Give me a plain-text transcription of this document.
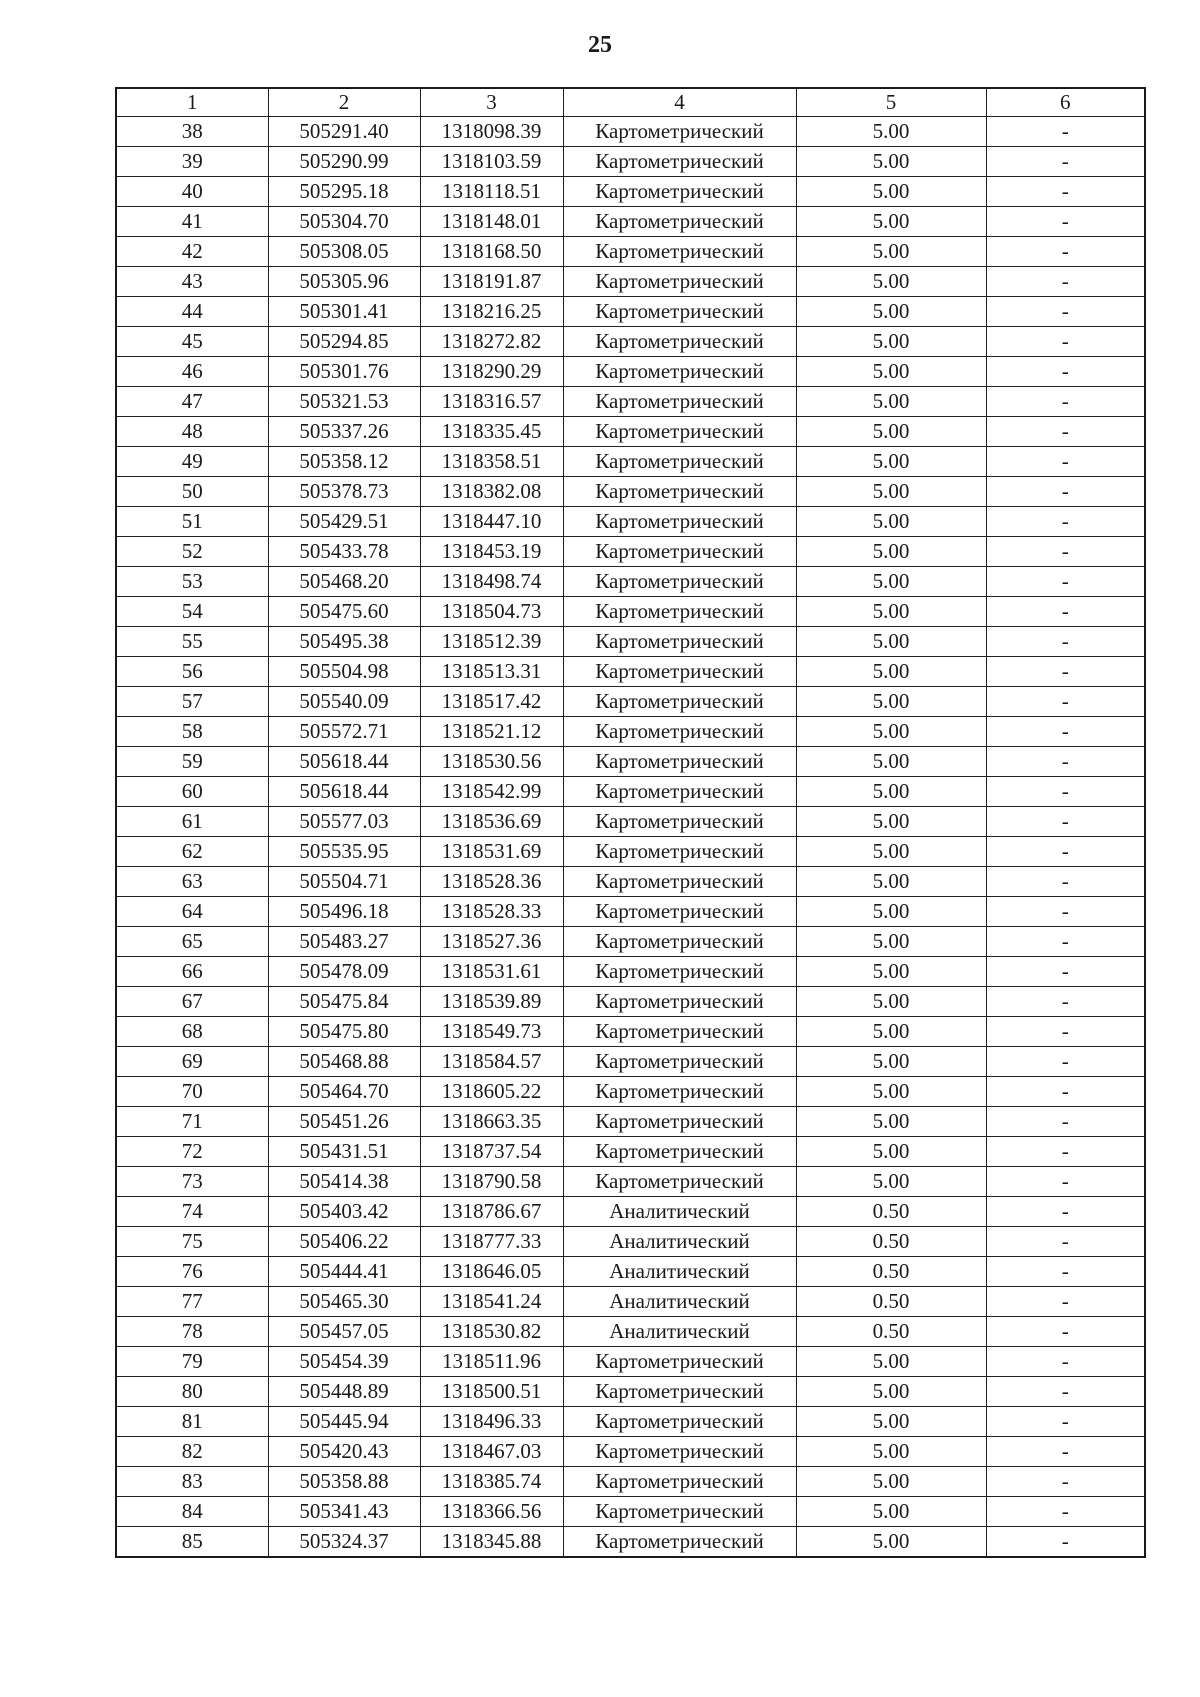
25
1	2	3	4	5	6
38	505291.40	1318098.39	Картометрический	5.00	-
39	505290.99	1318103.59	Картометрический	5.00	-
40	505295.18	1318118.51	Картометрический	5.00	-
41	505304.70	1318148.01	Картометрический	5.00	-
42	505308.05	1318168.50	Картометрический	5.00	-
43	505305.96	1318191.87	Картометрический	5.00	-
44	505301.41	1318216.25	Картометрический	5.00	-
45	505294.85	1318272.82	Картометрический	5.00	-
46	505301.76	1318290.29	Картометрический	5.00	-
47	505321.53	1318316.57	Картометрический	5.00	-
48	505337.26	1318335.45	Картометрический	5.00	-
49	505358.12	1318358.51	Картометрический	5.00	-
50	505378.73	1318382.08	Картометрический	5.00	-
51	505429.51	1318447.10	Картометрический	5.00	-
52	505433.78	1318453.19	Картометрический	5.00	-
53	505468.20	1318498.74	Картометрический	5.00	-
54	505475.60	1318504.73	Картометрический	5.00	-
55	505495.38	1318512.39	Картометрический	5.00	-
56	505504.98	1318513.31	Картометрический	5.00	-
57	505540.09	1318517.42	Картометрический	5.00	-
58	505572.71	1318521.12	Картометрический	5.00	-
59	505618.44	1318530.56	Картометрический	5.00	-
60	505618.44	1318542.99	Картометрический	5.00	-
61	505577.03	1318536.69	Картометрический	5.00	-
62	505535.95	1318531.69	Картометрический	5.00	-
63	505504.71	1318528.36	Картометрический	5.00	-
64	505496.18	1318528.33	Картометрический	5.00	-
65	505483.27	1318527.36	Картометрический	5.00	-
66	505478.09	1318531.61	Картометрический	5.00	-
67	505475.84	1318539.89	Картометрический	5.00	-
68	505475.80	1318549.73	Картометрический	5.00	-
69	505468.88	1318584.57	Картометрический	5.00	-
70	505464.70	1318605.22	Картометрический	5.00	-
71	505451.26	1318663.35	Картометрический	5.00	-
72	505431.51	1318737.54	Картометрический	5.00	-
73	505414.38	1318790.58	Картометрический	5.00	-
74	505403.42	1318786.67	Аналитический	0.50	-
75	505406.22	1318777.33	Аналитический	0.50	-
76	505444.41	1318646.05	Аналитический	0.50	-
77	505465.30	1318541.24	Аналитический	0.50	-
78	505457.05	1318530.82	Аналитический	0.50	-
79	505454.39	1318511.96	Картометрический	5.00	-
80	505448.89	1318500.51	Картометрический	5.00	-
81	505445.94	1318496.33	Картометрический	5.00	-
82	505420.43	1318467.03	Картометрический	5.00	-
83	505358.88	1318385.74	Картометрический	5.00	-
84	505341.43	1318366.56	Картометрический	5.00	-
85	505324.37	1318345.88	Картометрический	5.00	-
